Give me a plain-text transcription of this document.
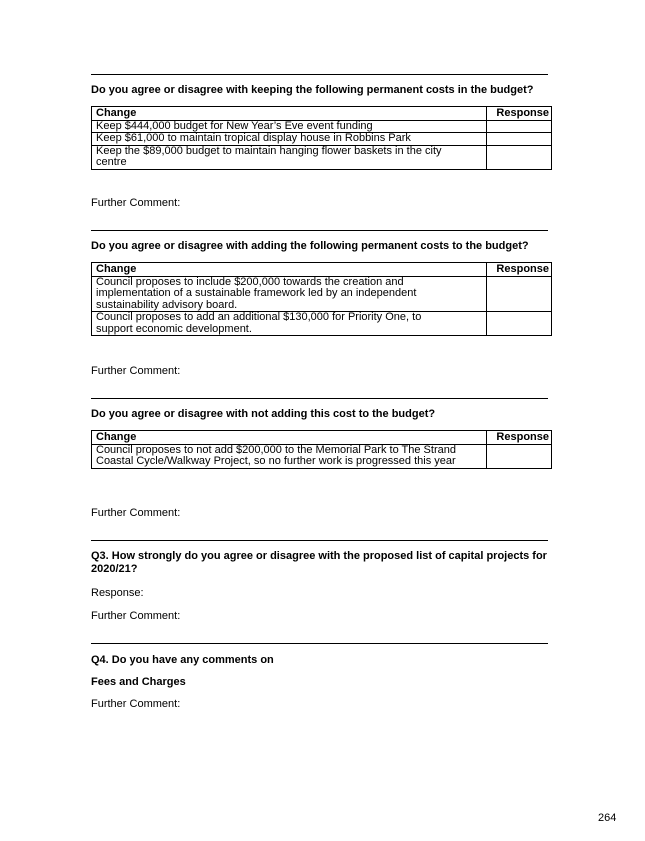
Do you agree or disagree with keeping the following permanent costs in the budget?
Change	Response
Keep $444,000 budget for New Year’s Eve event funding	
Keep $61,000 to maintain tropical display house in Robbins Park	
Keep the $89,000 budget to maintain hanging flower baskets in the city centre	
Further Comment:
Do you agree or disagree with adding the following permanent costs to the budget?
Change	Response
Council proposes to include $200,000 towards the creation and implementation of a sustainable framework led by an independent sustainability advisory board.	
Council proposes to add an additional $130,000 for Priority One, to support economic development.	
Further Comment:
Do you agree or disagree with not adding this cost to the budget?
Change	Response
Council proposes to not add $200,000 to the Memorial Park to The Strand Coastal Cycle/Walkway Project, so no further work is progressed this year	
Further Comment:
Q3. How strongly do you agree or disagree with the proposed list of capital projects for 2020/21?
Response:
Further Comment:
Q4. Do you have any comments on
Fees and Charges
Further Comment:
264
